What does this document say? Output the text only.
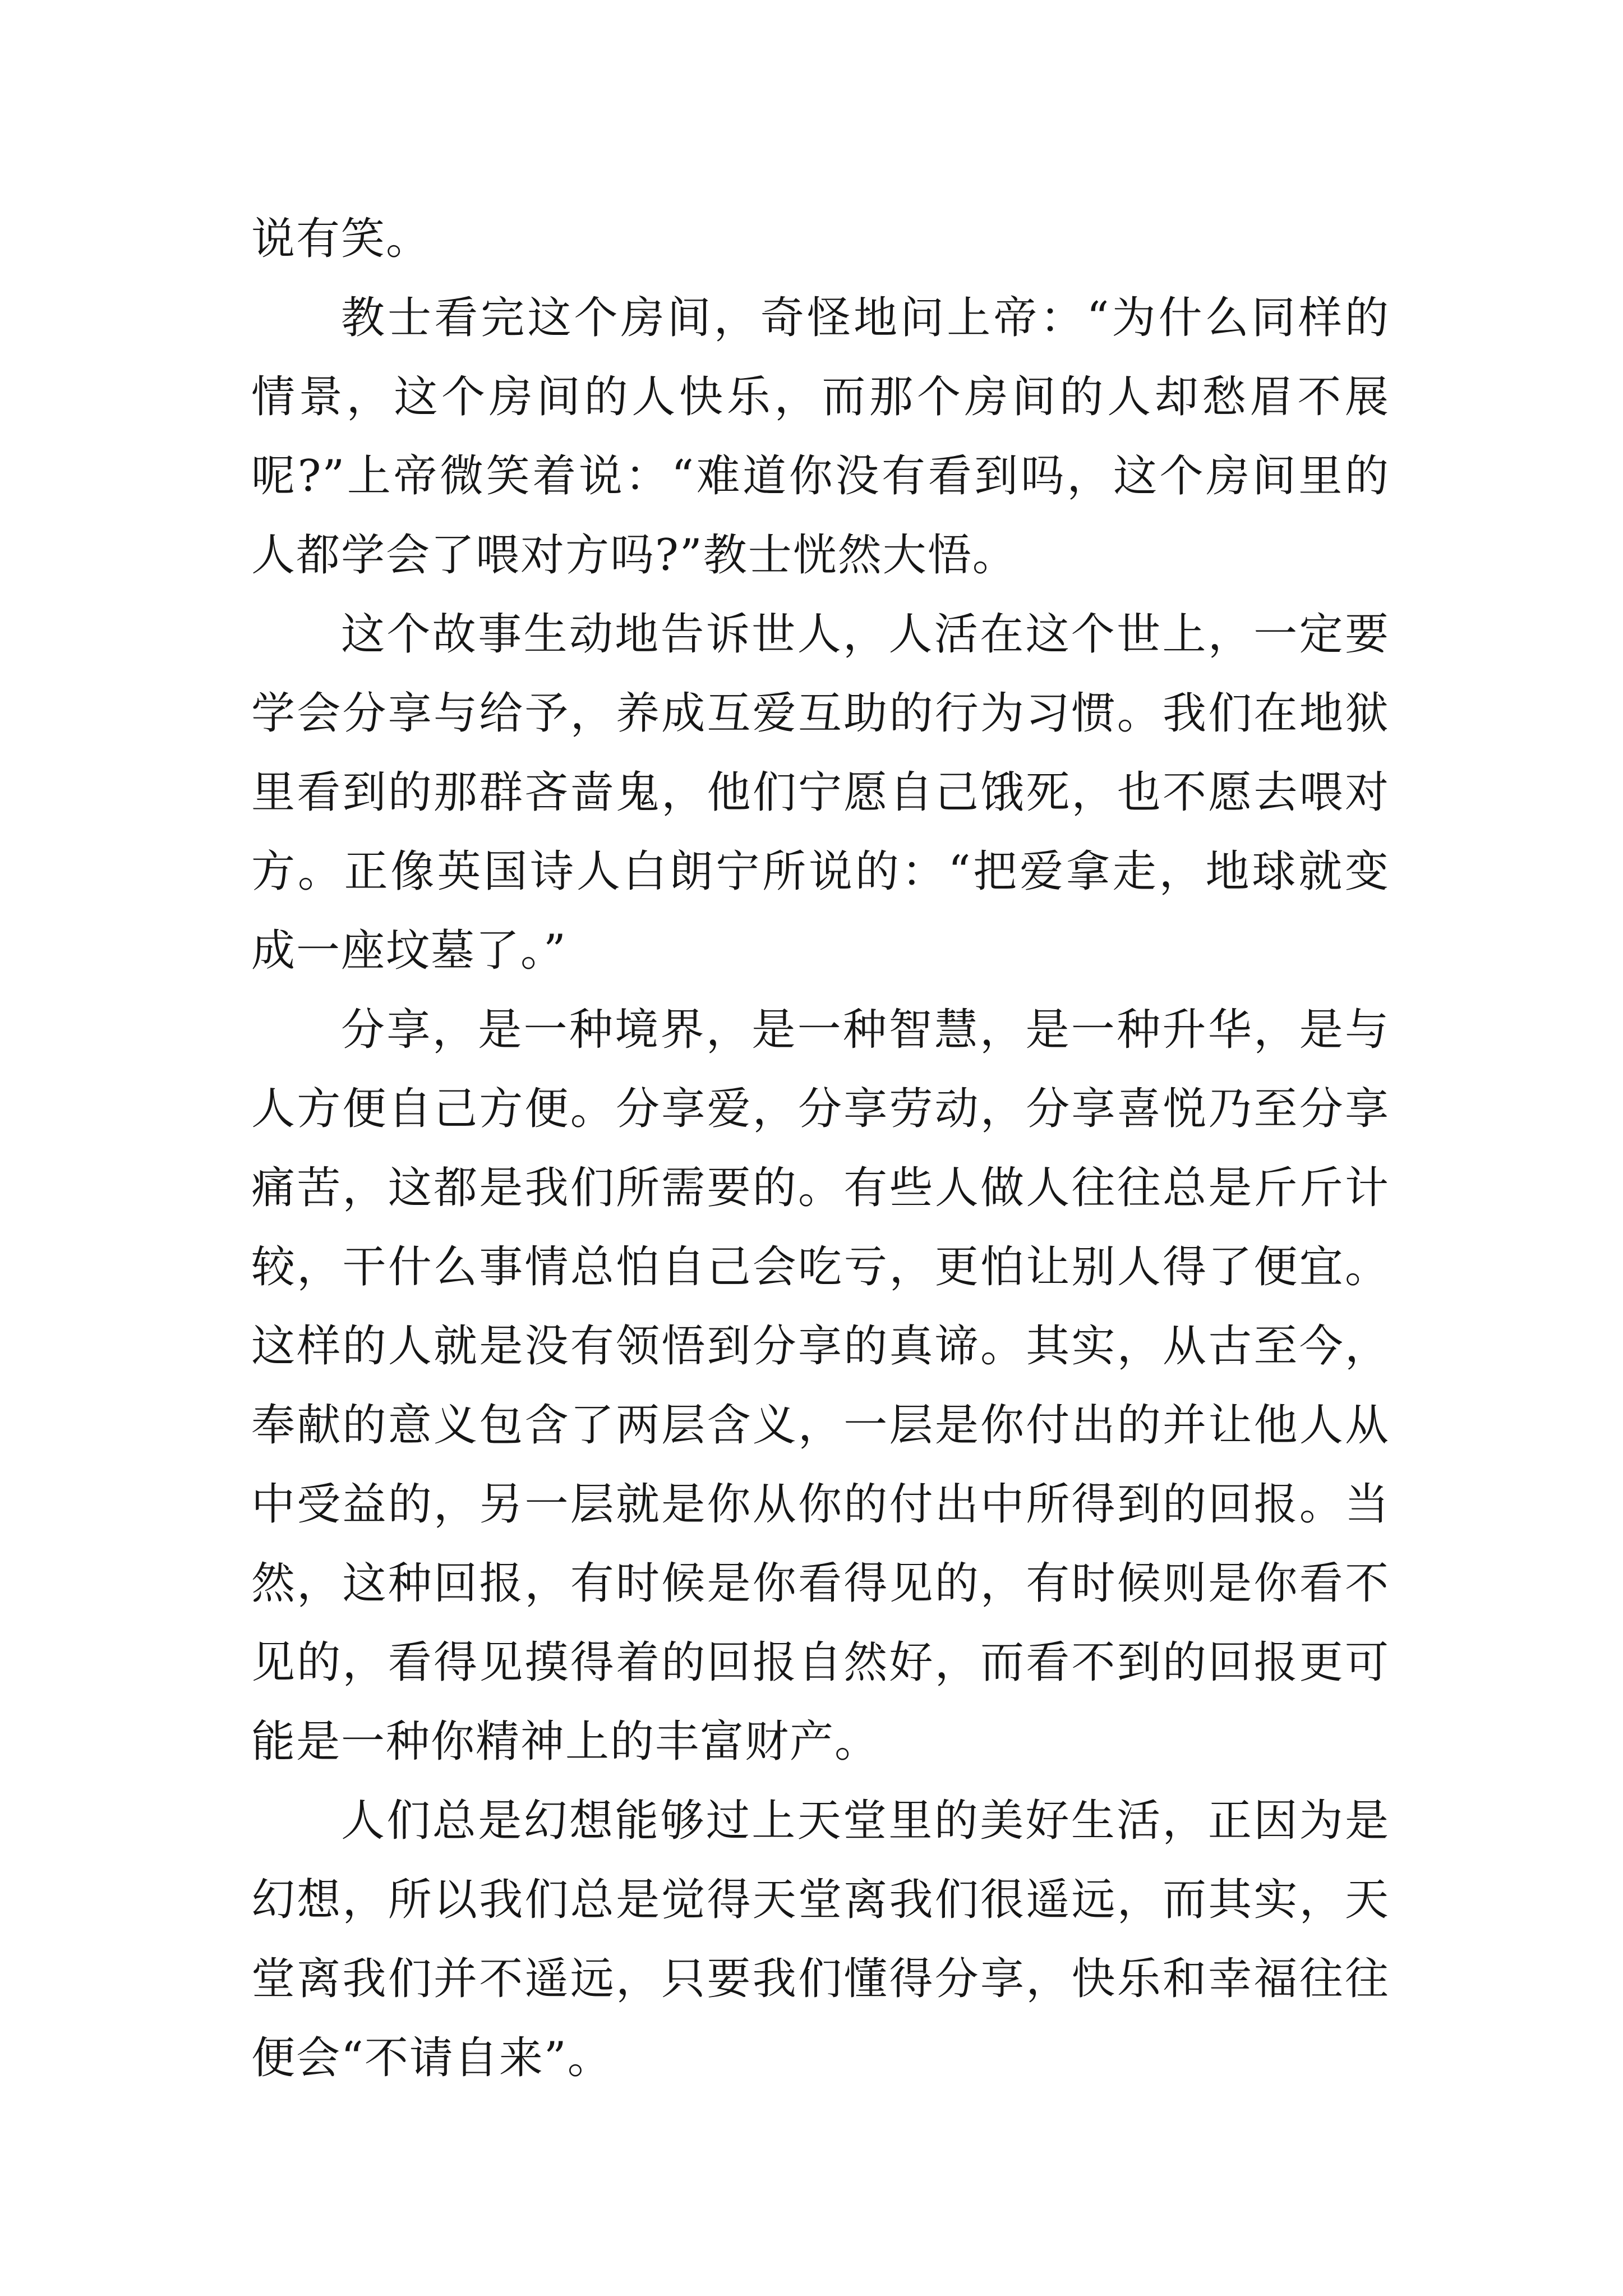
说有笑。

教士看完这个房间，奇怪地问上帝：“为什么同样的情景，这个房间的人快乐，而那个房间的人却愁眉不展呢?”上帝微笑着说：“难道你没有看到吗，这个房间里的人都学会了喂对方吗?”教士恍然大悟。

这个故事生动地告诉世人，人活在这个世上，一定要学会分享与给予，养成互爱互助的行为习惯。我们在地狱里看到的那群吝啬鬼，他们宁愿自己饿死，也不愿去喂对方。正像英国诗人白朗宁所说的：“把爱拿走，地球就变成一座坟墓了。”

分享，是一种境界，是一种智慧，是一种升华，是与人方便自己方便。分享爱，分享劳动，分享喜悦乃至分享痛苦，这都是我们所需要的。有些人做人往往总是斤斤计较，干什么事情总怕自己会吃亏，更怕让别人得了便宜。这样的人就是没有领悟到分享的真谛。其实，从古至今，奉献的意义包含了两层含义，一层是你付出的并让他人从中受益的，另一层就是你从你的付出中所得到的回报。当然，这种回报，有时候是你看得见的，有时候则是你看不见的，看得见摸得着的回报自然好，而看不到的回报更可能是一种你精神上的丰富财产。

人们总是幻想能够过上天堂里的美好生活，正因为是幻想，所以我们总是觉得天堂离我们很遥远，而其实，天堂离我们并不遥远，只要我们懂得分享，快乐和幸福往往便会“不请自来”。
